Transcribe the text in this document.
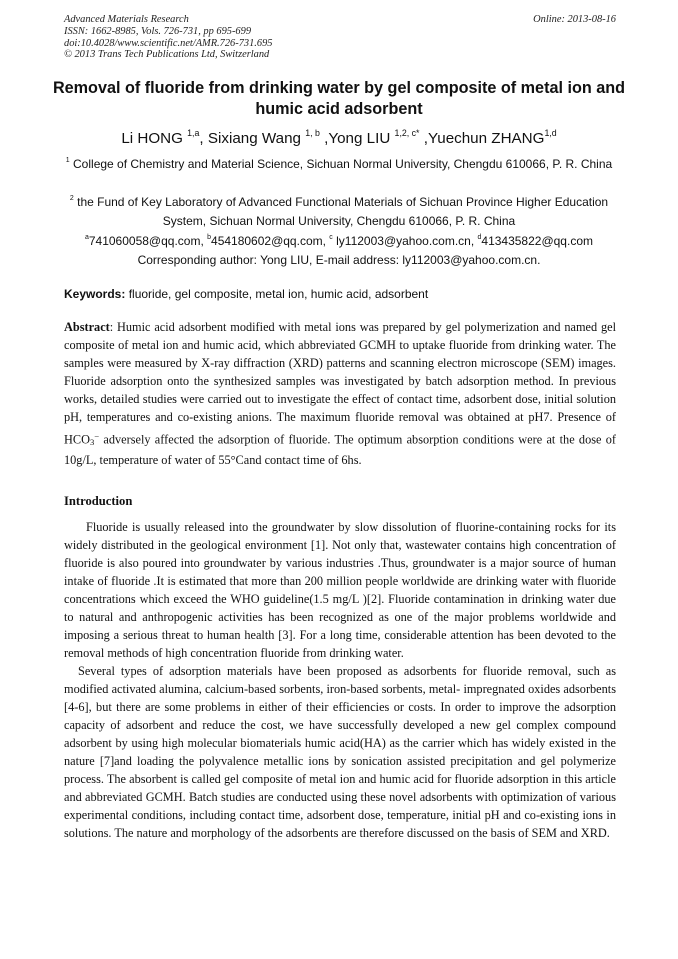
Advanced Materials Research
ISSN: 1662-8985, Vols. 726-731, pp 695-699
doi:10.4028/www.scientific.net/AMR.726-731.695
© 2013 Trans Tech Publications Ltd, Switzerland
Online: 2013-08-16
Removal of fluoride from drinking water by gel composite of metal ion and humic acid adsorbent
Li HONG $^{1,a}$, Sixiang Wang $^{1, b}$ ,Yong LIU $^{1,2, c*}$ ,Yuechun ZHANG$^{1,d}$
$^1$ College of Chemistry and Material Science, Sichuan Normal University, Chengdu 610066, P. R. China
$^2$ the Fund of Key Laboratory of Advanced Functional Materials of Sichuan Province Higher Education System, Sichuan Normal University, Chengdu 610066, P. R. China
$^a$741060058@qq.com, $^b$454180602@qq.com, $^c$ ly112003@yahoo.com.cn, $^d$413435822@qq.com
Corresponding author: Yong LIU, E-mail address: ly112003@yahoo.com.cn.
Keywords: fluoride, gel composite, metal ion, humic acid, adsorbent
Abstract: Humic acid adsorbent modified with metal ions was prepared by gel polymerization and named gel composite of metal ion and humic acid, which abbreviated GCMH to uptake fluoride from drinking water. The samples were measured by X-ray diffraction (XRD) patterns and scanning electron microscope (SEM) images. Fluoride adsorption onto the synthesized samples was investigated by batch adsorption method. In previous works, detailed studies were carried out to investigate the effect of contact time, adsorbent dose, initial solution pH, temperatures and co-existing anions. The maximum fluoride removal was obtained at pH7. Presence of $HCO_3^-$ adversely affected the adsorption of fluoride. The optimum absorption conditions were at the dose of 10g/L, temperature of water of 55°Cand contact time of 6hs.
Introduction

Fluoride is usually released into the groundwater by slow dissolution of fluorine-containing rocks for its widely distributed in the geological environment [1]. Not only that, wastewater contains high concentration of fluoride is also poured into groundwater by various industries .Thus, groundwater is a major source of human intake of fluoride .It is estimated that more than 200 million people worldwide are drinking water with fluoride concentrations which exceed the WHO guideline(1.5 mg/L )[2]. Fluoride contamination in drinking water due to natural and anthropogenic activities has been recognized as one of the major problems worldwide and imposing a serious threat to human health [3]. For a long time, considerable attention has been devoted to the removal methods of high concentration fluoride from drinking water.

Several types of adsorption materials have been proposed as adsorbents for fluoride removal, such as modified activated alumina, calcium-based sorbents, iron-based sorbents, metal- impregnated oxides adsorbents [4-6], but there are some problems in either of their efficiencies or costs. In order to improve the adsorption capacity of adsorbent and reduce the cost, we have successfully developed a new gel complex compound adsorbent by using high molecular biomaterials humic acid(HA) as the carrier which has widely existed in the nature [7]and loading the polyvalence metallic ions by sonication assisted precipitation and gel polymerize process. The absorbent is called gel composite of metal ion and humic acid for fluoride adsorption in this article and abbreviated GCMH. Batch studies are conducted using these novel adsorbents with optimization of various experimental conditions, including contact time, adsorbent dose, temperature, initial pH and co-existing ions in solutions. The nature and morphology of the adsorbents are therefore discussed on the basis of SEM and XRD.
